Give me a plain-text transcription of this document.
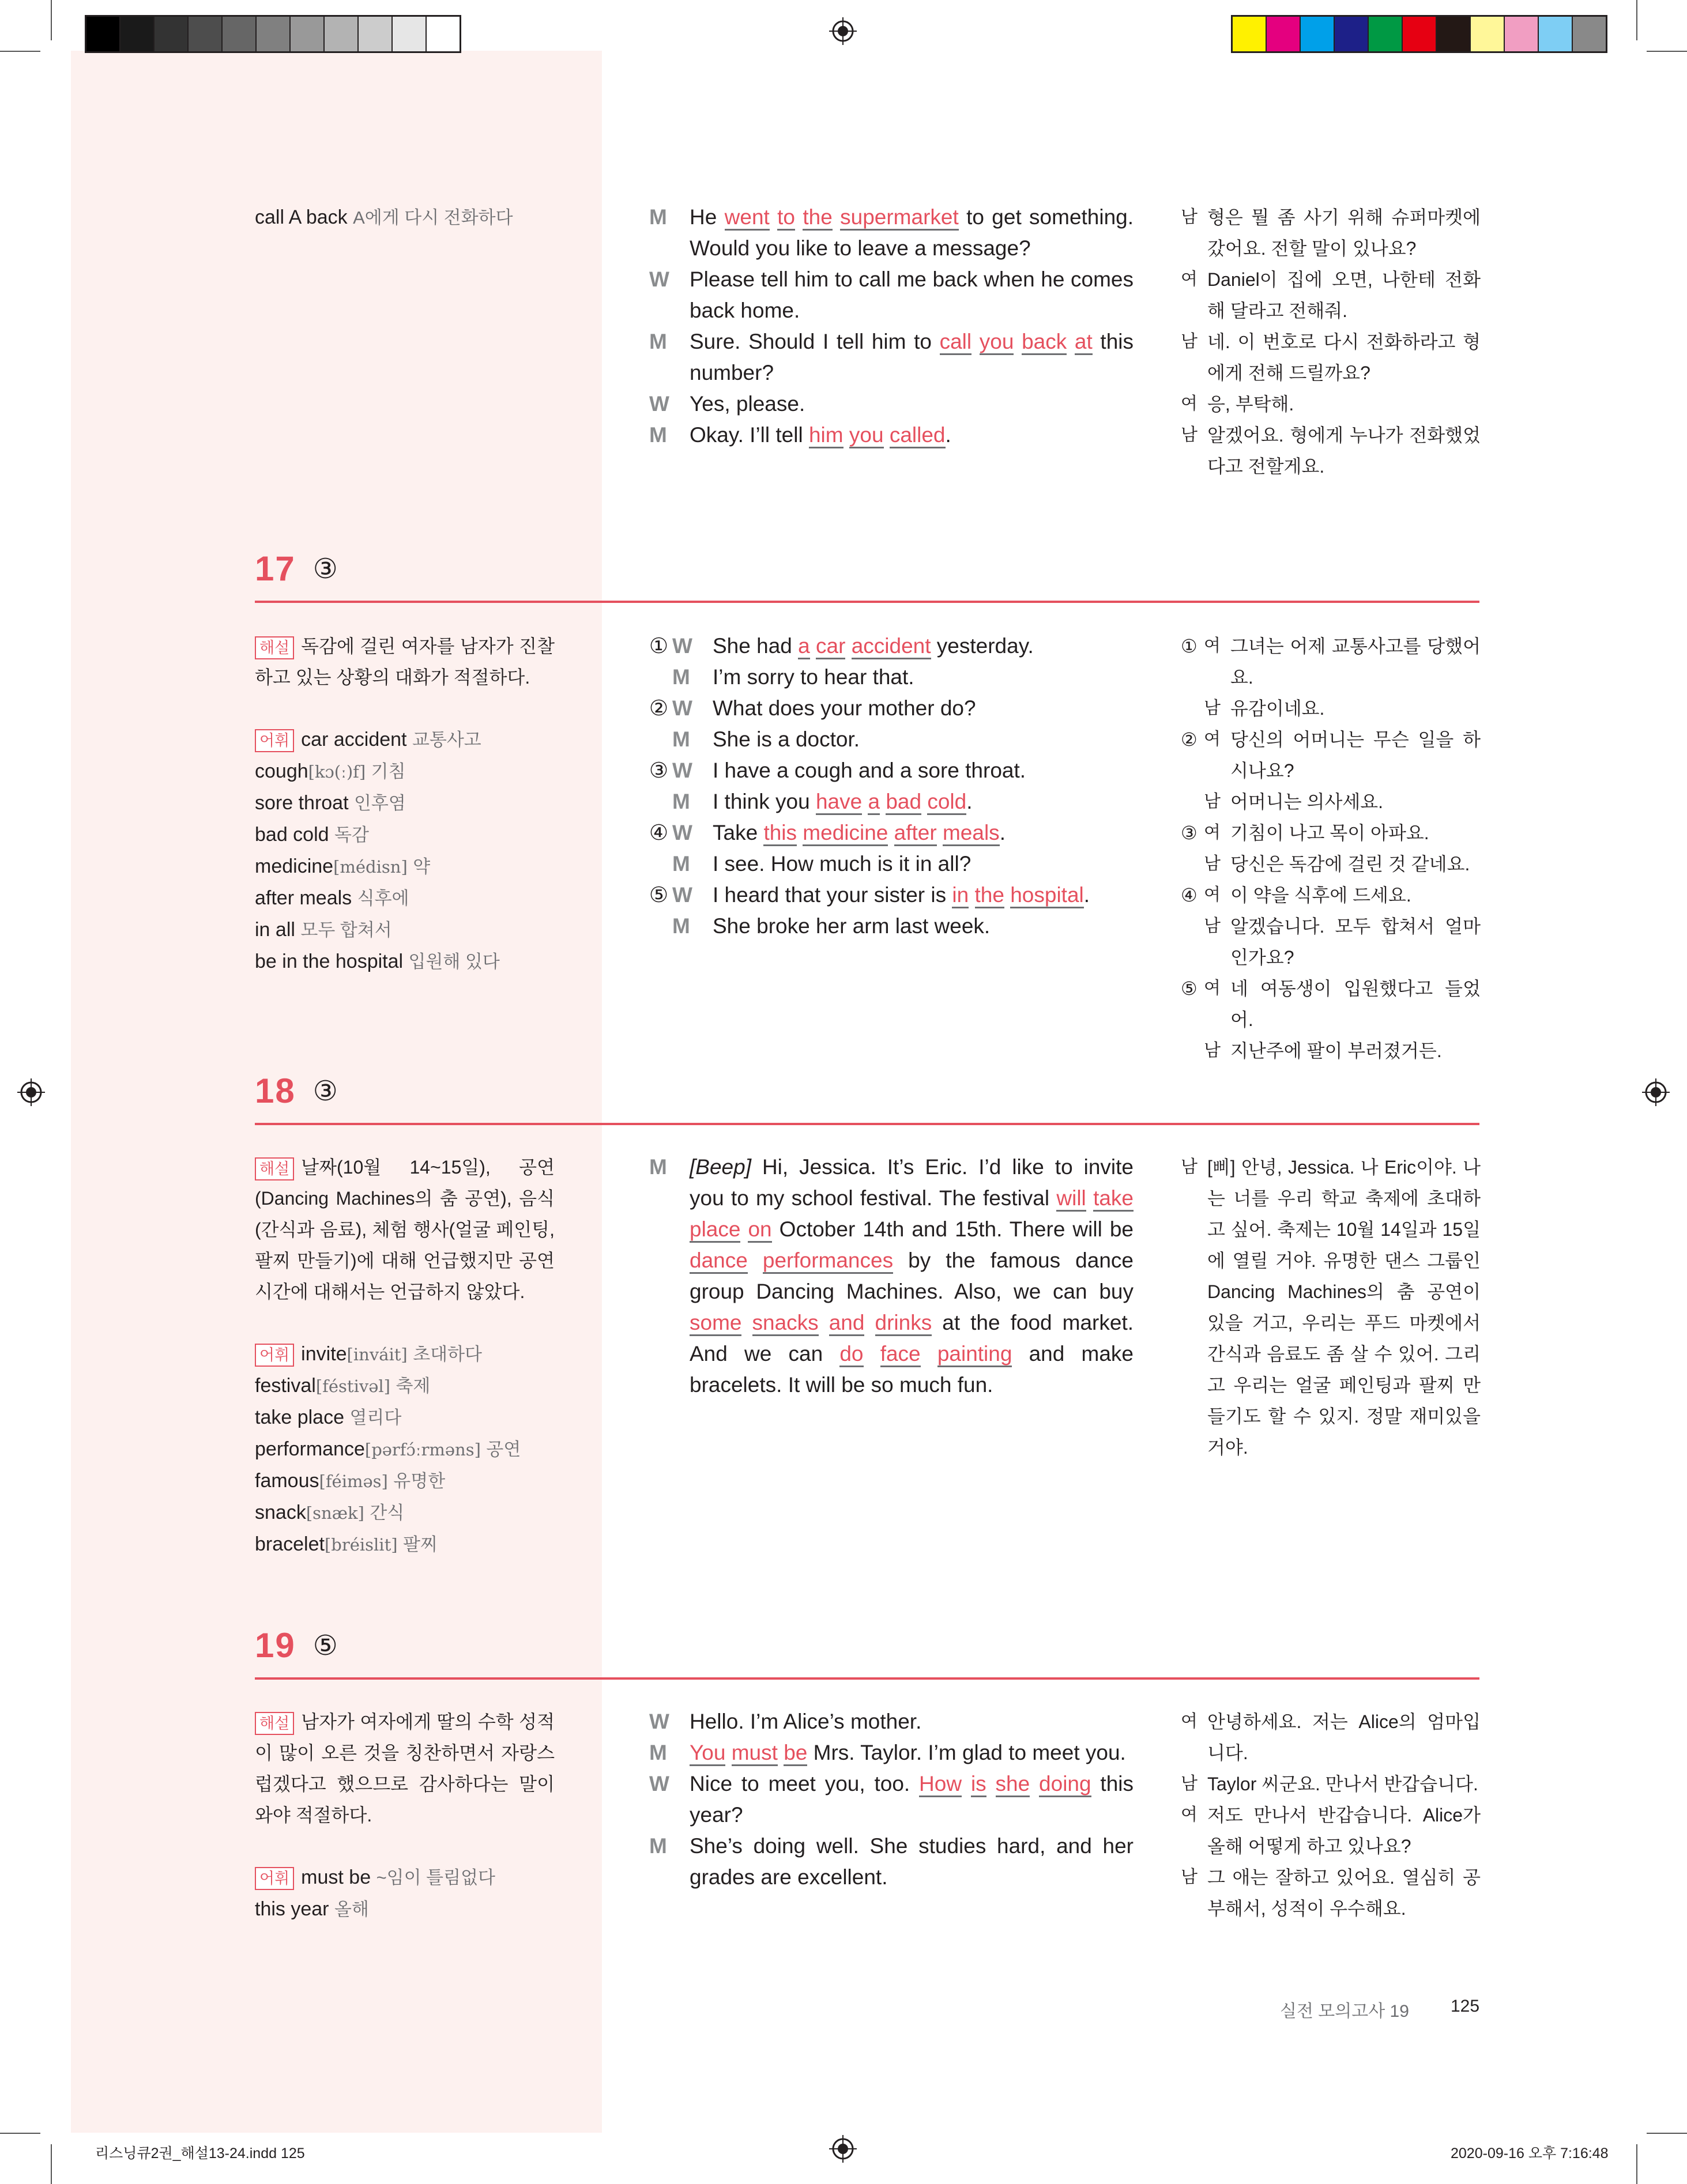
call A back A에게 다시 전화하다	M	He went to the supermarket to get something. Would you like to leave a message?
W Please tell him to call me back when he comes back home.
M	Sure. Should I tell him to call you back at this number?
W Yes, please.
M	Okay. I’ll tell him you called.
남 형은 뭘 좀 사기 위해 슈퍼마켓에 갔어요. 전할 말이 있나요?
여 Daniel이 집에 오면, 나한테 전화해 달라고 전해줘.
남 네. 이 번호로 다시 전화하라고 형에게 전해 드릴까요?
여 응, 부탁해.
남 알겠어요. 형에게 누나가 전화했었다고 전할게요.
17 ③
해설 독감에 걸린 여자를 남자가 진찰하고 있는 상황의 대화가 적절하다.
어휘 car accident 교통사고
cough[kɔ(ː)f] 기침
sore throat 인후염
bad cold 독감
medicine[médisn] 약
after meals 식후에
in all 모두 합쳐서
be in the hospital 입원해 있다
① W She had a car accident yesterday.
M	I’m sorry to hear that.
② W What does your mother do?
M	She is a doctor.
③ W I have a cough and a sore throat.
M	I think you have a bad cold.
④ W Take this medicine after meals.
M	I see. How much is it in all?
⑤ W I heard that your sister is in the hospital.
M	She broke her arm last week.
① 여 그녀는 어제 교통사고를 당했어요.
남 유감이네요.
② 여 당신의 어머니는 무슨 일을 하시나요?
남 어머니는 의사세요.
③ 여 기침이 나고 목이 아파요.
남 당신은 독감에 걸린 것 같네요.
④ 여 이 약을 식후에 드세요.
남 알겠습니다. 모두 합쳐서 얼마인가요?
⑤ 여 네 여동생이 입원했다고 들었어.
남 지난주에 팔이 부러졌거든.
18 ③
해설 날짜(10월 14~15일), 공연(Dancing Machines의 춤 공연), 음식(간식과 음료), 체험 행사(얼굴 페인팅, 팔찌 만들기)에 대해 언급했지만 공연 시간에 대해서는 언급하지 않았다.
어휘 invite[inváit] 초대하다
festival[féstivəl] 축제
take place 열리다
performance[pərfɔ́ːrməns] 공연
famous[féiməs] 유명한
snack[snæk] 간식
bracelet[bréislit] 팔찌
M	[Beep] Hi, Jessica. It’s Eric. I’d like to invite you to my school festival. The festival will take place on October 14th and 15th. There will be dance performances by the famous dance group Dancing Machines. Also, we can buy some snacks and drinks at the food market. And we can do face painting and make bracelets. It will be so much fun.
남 [삐] 안녕, Jessica. 나 Eric이야. 나는 너를 우리 학교 축제에 초대하고 싶어. 축제는 10월 14일과 15일에 열릴 거야. 유명한 댄스 그룹인 Dancing Machines의 춤 공연이 있을 거고, 우리는 푸드 마켓에서 간식과 음료도 좀 살 수 있어. 그리고 우리는 얼굴 페인팅과 팔찌 만들기도 할 수 있지. 정말 재미있을 거야.
19 ⑤
해설 남자가 여자에게 딸의 수학 성적이 많이 오른 것을 칭찬하면서 자랑스럽겠다고 했으므로 감사하다는 말이 와야 적절하다.
어휘 must be ~임이 틀림없다
this year 올해
W Hello. I’m Alice’s mother.
M	You must be Mrs. Taylor. I’m glad to meet you.
W Nice to meet you, too. How is she doing this year?
M	She’s doing well. She studies hard, and her grades are excellent.
여 안녕하세요. 저는 Alice의 엄마입니다.
남 Taylor 씨군요. 만나서 반갑습니다.
여 저도 만나서 반갑습니다. Alice가 올해 어떻게 하고 있나요?
남 그 애는 잘하고 있어요. 열심히 공부해서, 성적이 우수해요.
실전 모의고사 19 125
리스닝큐2권_해설13-24.indd 125	2020-09-16 오후 7:16:48
